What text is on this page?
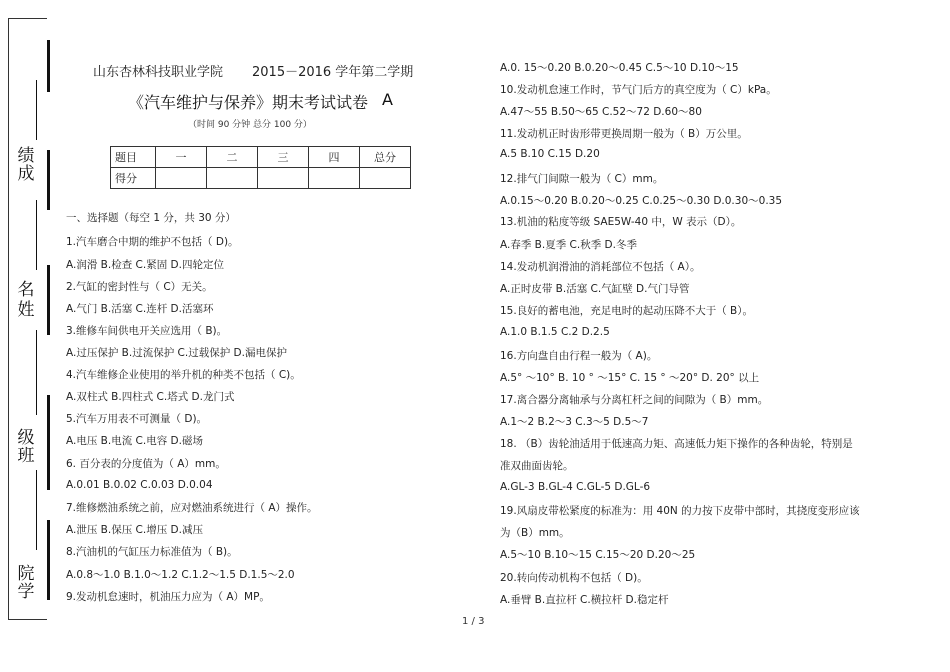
绩
成
名
姓
级
班
院
学
山东杏林科技职业学院 2015－2016 学年第二学期
《汽车维护与保养》期末考试试卷 A
（时间 90 分钟 总分 100 分）
题目	一	二	三	四	总分
得分					
一、选择题（每空 1 分，共 30 分）
1.汽车磨合中期的维护不包括（ D)。
A.润滑 B.检查 C.紧固 D.四轮定位
2.气缸的密封性与（ C）无关。
A.气门 B.活塞 C.连杆 D.活塞环
3.维修车间供电开关应选用（ B)。
A.过压保护 B.过流保护 C.过载保护 D.漏电保护
4.汽车维修企业使用的举升机的种类不包括（ C)。
A.双柱式 B.四柱式 C.塔式 D.龙门式
5.汽车万用表不可测量（ D)。
A.电压 B.电流 C.电容 D.磁场
6. 百分表的分度值为（ A）mm。
A.0.01 B.0.02 C.0.03 D.0.04
7.维修燃油系统之前，应对燃油系统进行（ A）操作。
A.泄压 B.保压 C.增压 D.减压
8.汽油机的气缸压力标准值为（ B)。
A.0.8～1.0 B.1.0～1.2 C.1.2～1.5 D.1.5～2.0
9.发动机怠速时，机油压力应为（ A）MP。
A.0. 15～0.20 B.0.20～0.45 C.5～10 D.10～15
10.发动机怠速工作时，节气门后方的真空度为（ C）kPa。
A.47～55 B.50～65 C.52～72 D.60～80
11.发动机正时齿形带更换周期一般为（ B）万公里。
A.5 B.10 C.15 D.20
12.排气门间隙一般为（ C）mm。
A.0.15～0.20 B.0.20～0.25 C.0.25～0.30 D.0.30～0.35
13.机油的粘度等级 SAE5W-40 中，W 表示（D）。
A.春季 B.夏季 C.秋季 D.冬季
14.发动机润滑油的消耗部位不包括（ A）。
A.正时皮带 B.活塞 C.气缸壁 D.气门导管
15.良好的蓄电池，充足电时的起动压降不大于（ B）。
A.1.0 B.1.5 C.2 D.2.5
16.方向盘自由行程一般为（ A)。
A.5° ～10° B. 10 ° ～15° C. 15 ° ～20° D. 20° 以上
17.离合器分离轴承与分离杠杆之间的间隙为（ B）mm。
A.1～2 B.2～3 C.3～5 D.5～7
18. （B）齿轮油适用于低速高力矩、高速低力矩下操作的各种齿轮，特别是
准双曲面齿轮。
A.GL-3 B.GL-4 C.GL-5 D.GL-6
19.风扇皮带松紧度的标准为：用 40N 的力按下皮带中部时，其挠度变形应该
为（B）mm。
A.5～10 B.10～15 C.15～20 D.20～25
20.转向传动机构不包括（ D)。
A.垂臂 B.直拉杆 C.横拉杆 D.稳定杆
1 / 3
